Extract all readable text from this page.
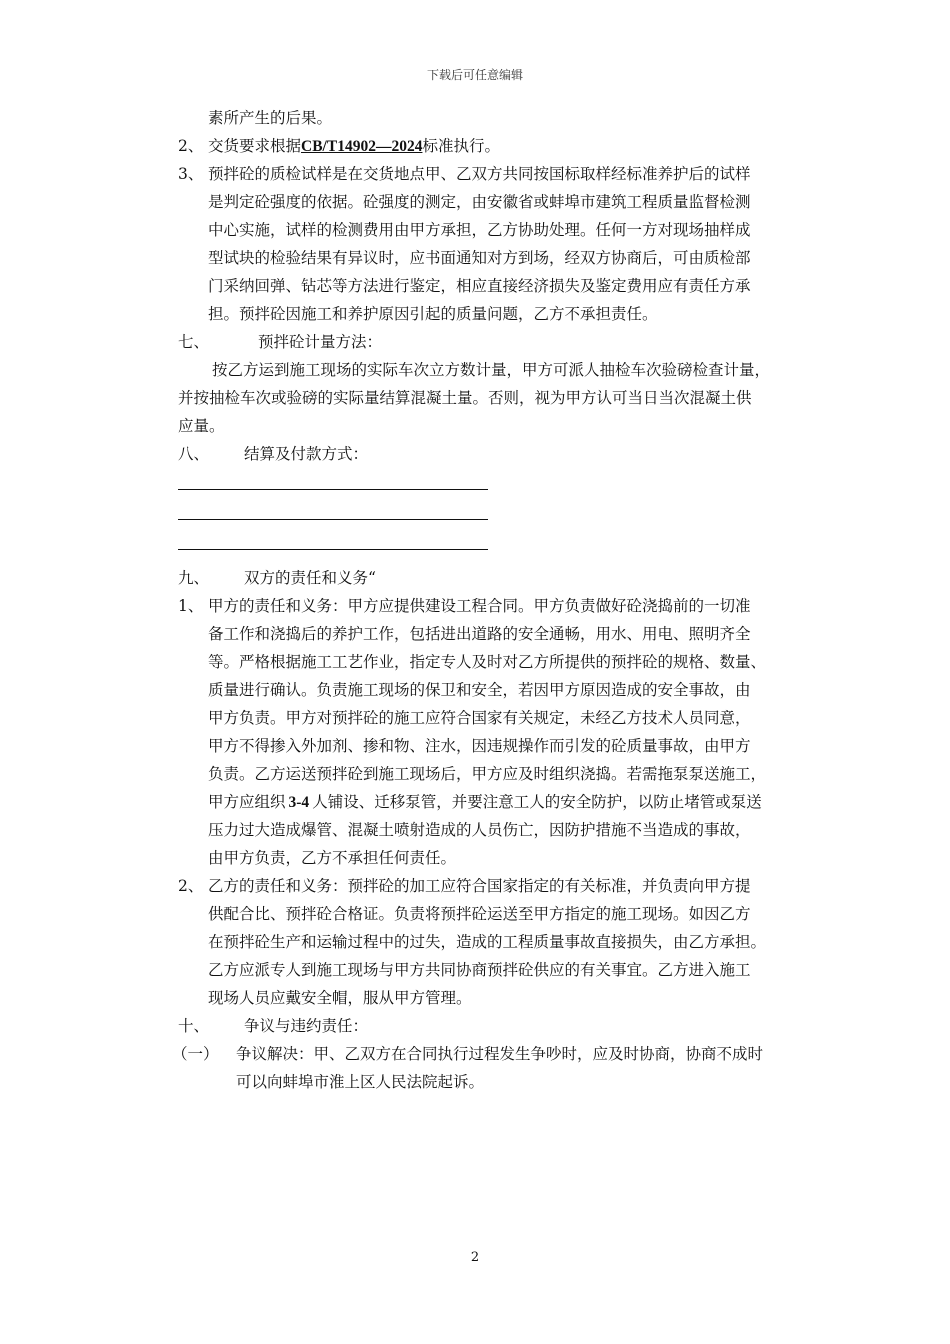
下载后可任意编辑
素所产生的后果。
2、 交货要求根据CB/T14902—2024标准执行。
3、 预拌砼的质检试样是在交货地点甲、乙双方共同按国标取样经标准养护后的试样
是判定砼强度的依据。砼强度的测定，由安徽省或蚌埠市建筑工程质量监督检测
中心实施，试样的检测费用由甲方承担，乙方协助处理。任何一方对现场抽样成
型试块的检验结果有异议时，应书面通知对方到场，经双方协商后，可由质检部
门采纳回弹、钻芯等方法进行鉴定，相应直接经济损失及鉴定费用应有责任方承
担。预拌砼因施工和养护原因引起的质量问题，乙方不承担责任。
七、	预拌砼计量方法：
按乙方运到施工现场的实际车次立方数计量，甲方可派人抽检车次验磅检查计量，
并按抽检车次或验磅的实际量结算混凝土量。否则，视为甲方认可当日当次混凝土供
应量。
八、 结算及付款方式：
九、 双方的责任和义务“
1、 甲方的责任和义务：甲方应提供建设工程合同。甲方负责做好砼浇捣前的一切准
备工作和浇捣后的养护工作，包括进出道路的安全通畅，用水、用电、照明齐全
等。严格根据施工工艺作业，指定专人及时对乙方所提供的预拌砼的规格、数量、
质量进行确认。负责施工现场的保卫和安全，若因甲方原因造成的安全事故，由
甲方负责。甲方对预拌砼的施工应符合国家有关规定，未经乙方技术人员同意，
甲方不得掺入外加剂、掺和物、注水，因违规操作而引发的砼质量事故，由甲方
负责。乙方运送预拌砼到施工现场后，甲方应及时组织浇捣。若需拖泵泵送施工，
甲方应组织 3-4 人铺设、迁移泵管，并要注意工人的安全防护，以防止堵管或泵送
压力过大造成爆管、混凝土喷射造成的人员伤亡，因防护措施不当造成的事故，
由甲方负责，乙方不承担任何责任。
2、 乙方的责任和义务：预拌砼的加工应符合国家指定的有关标准，并负责向甲方提
供配合比、预拌砼合格证。负责将预拌砼运送至甲方指定的施工现场。如因乙方
在预拌砼生产和运输过程中的过失，造成的工程质量事故直接损失，由乙方承担。
乙方应派专人到施工现场与甲方共同协商预拌砼供应的有关事宜。乙方进入施工
现场人员应戴安全帽，服从甲方管理。
十、 争议与违约责任：
（一） 争议解决：甲、乙双方在合同执行过程发生争吵时，应及时协商，协商不成时
可以向蚌埠市淮上区人民法院起诉。
2
